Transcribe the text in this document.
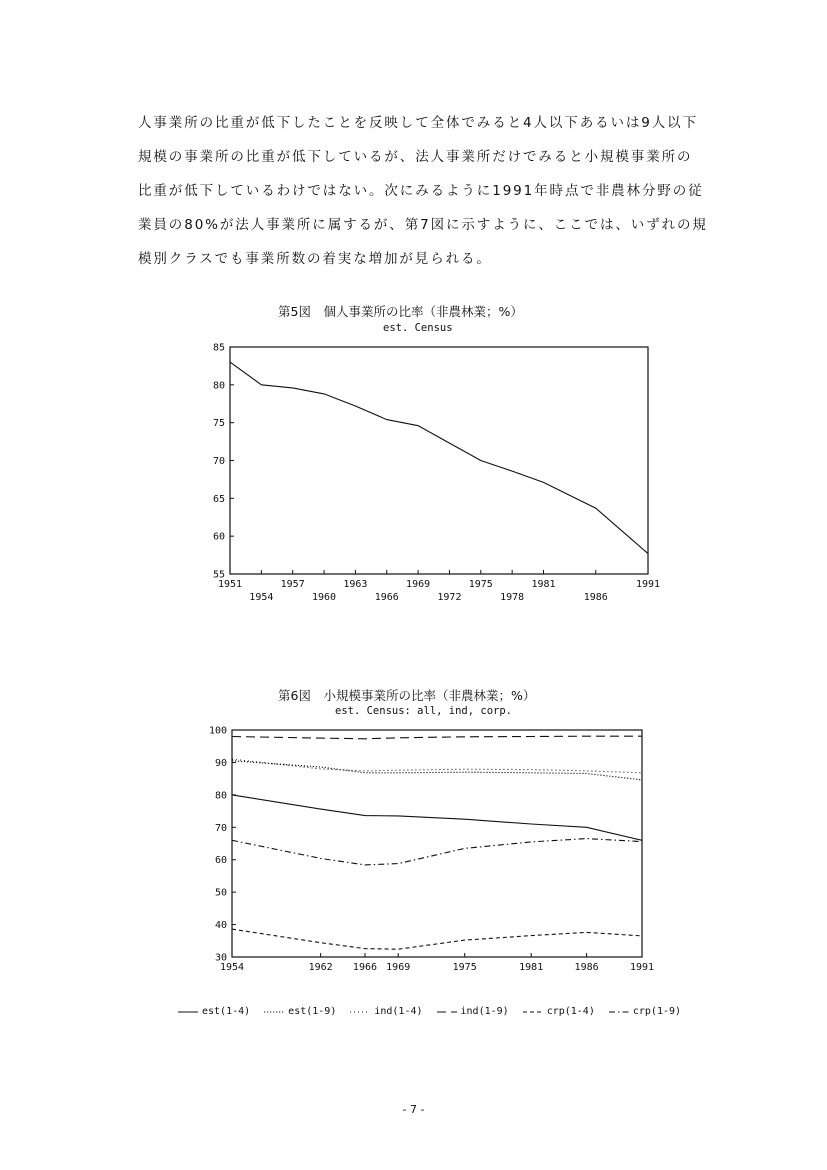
人事業所の比重が低下したことを反映して全体でみると4人以下あるいは9人以下
規模の事業所の比重が低下しているが、法人事業所だけでみると小規模事業所の
比重が低下しているわけではない。次にみるように1991年時点で非農林分野の従
業員の80%が法人事業所に属するが、第7図に示すように、ここでは、いずれの規
模別クラスでも事業所数の着実な増加が見られる。
第5図　個人事業所の比率（非農林業；%）
est. Census
55
60
65
70
75
80
85
1951
1954
1957
1960
1963
1966
1969
1972
1975
1978
1981
1986
1991
第6図　小規模事業所の比率（非農林業；%）
est. Census: all, ind, corp.
30
40
50
60
70
80
90
100
1954	1962 1966 1969	1975	1981	1986	1991
est(1-4)	est(1-9)	ind(1-4)	ind(1-9)	crp(1-4)	crp(1-9)
- 7 -
